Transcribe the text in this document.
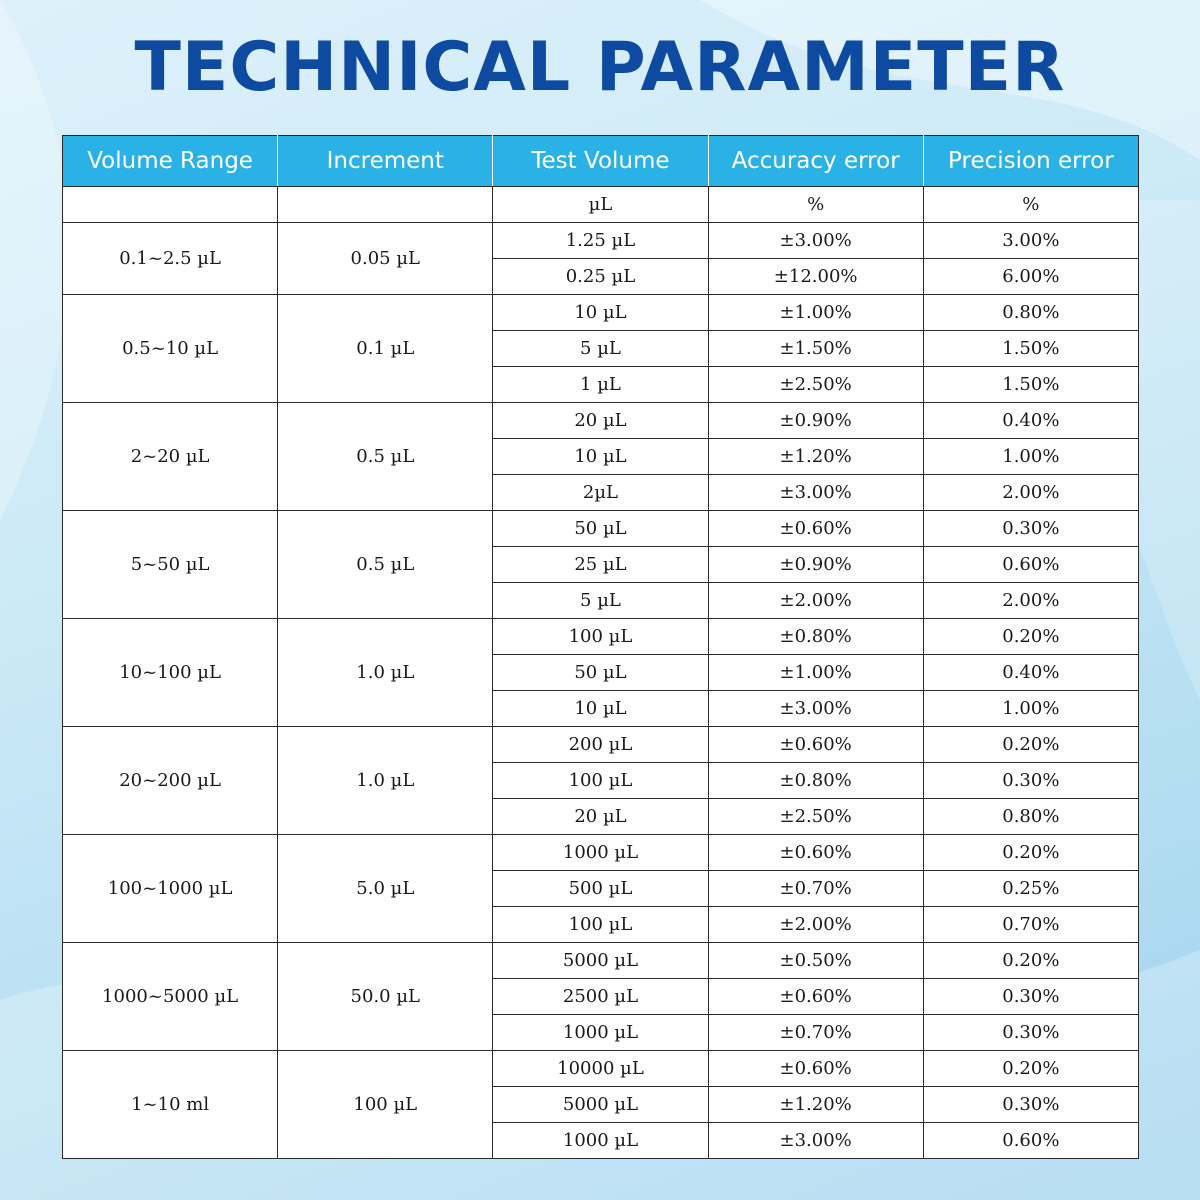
TECHNICAL PARAMETER
Volume Range	Increment	Test Volume	Accuracy error	Precision error
		µL	%	%
0.1~2.5 µL	0.05 µL	1.25 µL	±3.00%	3.00%
		0.25 µL	±12.00%	6.00%
0.5~10 µL	0.1 µL	10 µL	±1.00%	0.80%
		5 µL	±1.50%	1.50%
		1 µL	±2.50%	1.50%
2~20 µL	0.5 µL	20 µL	±0.90%	0.40%
		10 µL	±1.20%	1.00%
		2µL	±3.00%	2.00%
5~50 µL	0.5 µL	50 µL	±0.60%	0.30%
		25 µL	±0.90%	0.60%
		5 µL	±2.00%	2.00%
10~100 µL	1.0 µL	100 µL	±0.80%	0.20%
		50 µL	±1.00%	0.40%
		10 µL	±3.00%	1.00%
20~200 µL	1.0 µL	200 µL	±0.60%	0.20%
		100 µL	±0.80%	0.30%
		20 µL	±2.50%	0.80%
100~1000 µL	5.0 µL	1000 µL	±0.60%	0.20%
		500 µL	±0.70%	0.25%
		100 µL	±2.00%	0.70%
1000~5000 µL	50.0 µL	5000 µL	±0.50%	0.20%
		2500 µL	±0.60%	0.30%
		1000 µL	±0.70%	0.30%
1~10 ml	100 µL	10000 µL	±0.60%	0.20%
		5000 µL	±1.20%	0.30%
		1000 µL	±3.00%	0.60%
